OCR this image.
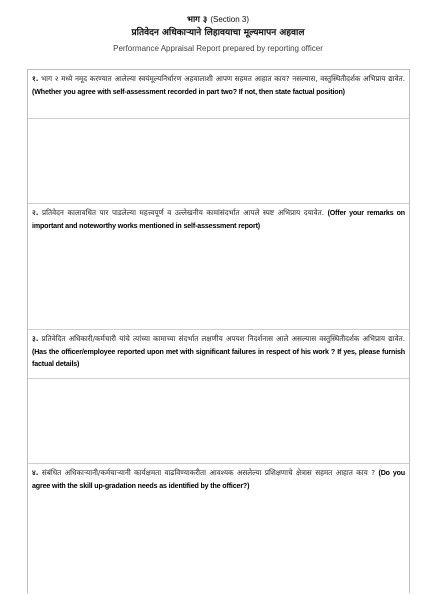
भाग ३ (Section 3)
प्रतिवेदन अधिकाऱ्याने लिहावयाचा मूल्यमापन अहवाल
Performance Appraisal Report prepared by reporting officer
१. भाग २ मध्ये नमूद करण्यात आलेल्या स्वयंमूल्यनिर्धारण अहवालाशी आपण सहमत आहात काय? नसल्यास, वस्तुस्थितीदर्शक अभिप्राय द्यावेत. (Whether you agree with self-assessment recorded in part two? If not, then state factual position)
२. प्रतिवेदन कालावधित पार पाडलेल्या महत्त्वपूर्ण व उल्लेखनीय कामांसंदर्भात आपले स्पष्ट अभिप्राय दयावेत. (Offer your remarks on important and noteworthy works mentioned in self-assessment report)
३. प्रतिवेदित अधिकारी/कर्मचारी यांचे त्यांच्या कामाच्या संदर्भात लक्षणीय अपयश निदर्शनास आले असल्यास वस्तुस्थितीदर्शक अभिप्राय द्यावेत. (Has the officer/employee reported upon met with significant failures in respect of his work ? If yes, please furnish factual details)
४. संबंधित अधिकाऱ्यानी/कर्मचाऱ्यानी कार्यक्षमता वाढविण्याकरीता आवश्यक असलेल्या प्रशिक्षणाचे क्षेत्रास सहमत आहात काय ? (Do you agree with the skill up-gradation needs as identified by the officer?)
